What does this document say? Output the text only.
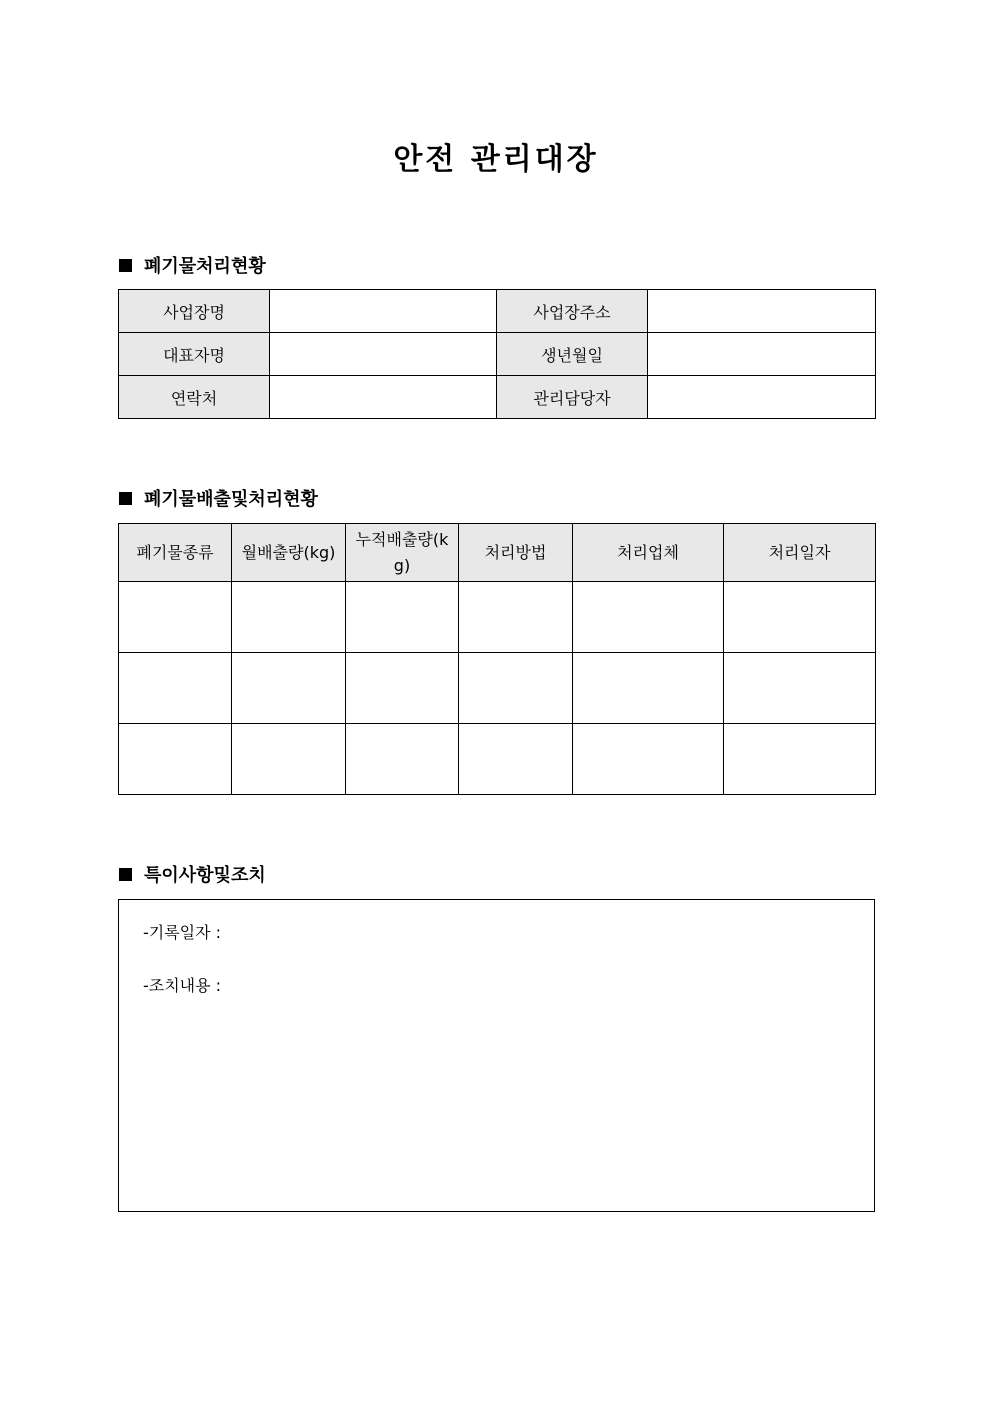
안전 관리대장
폐기물처리현황
사업장명		사업장주소	
대표자명		생년월일	
연락처		관리담당자	
폐기물배출및처리현황
폐기물종류	월배출량(kg)	누적배출량(kg)	처리방법	처리업체	처리일자

특이사항및조치
-기록일자 :
-조치내용 :
